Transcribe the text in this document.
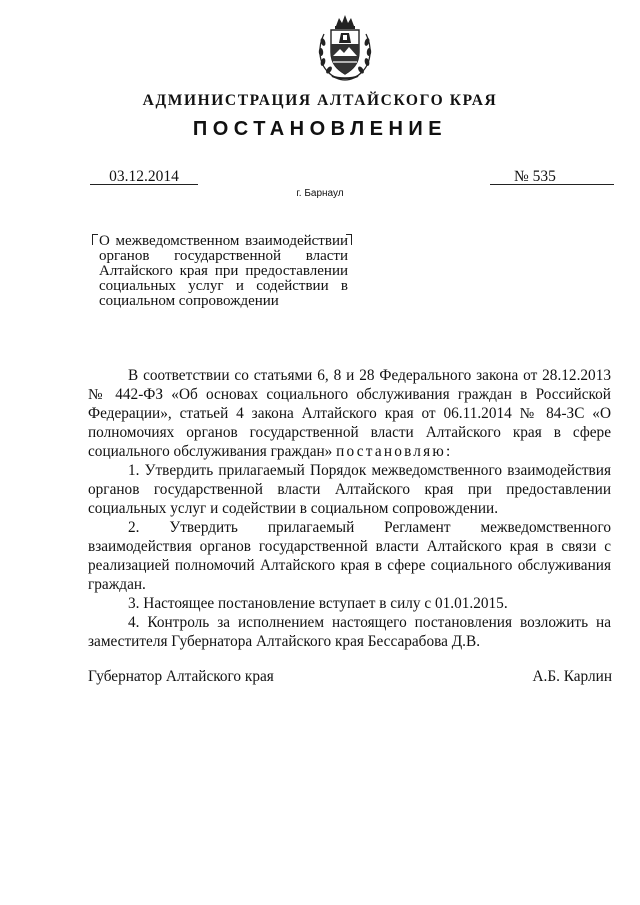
АДМИНИСТРАЦИЯ АЛТАЙСКОГО КРАЯ
ПОСТАНОВЛЕНИЕ
03.12.2014	№ 535
г. Барнаул
О межведомственном взаимодействии органов государственной власти Алтайского края при предоставлении социальных услуг и содействии в социальном сопровождении

В соответствии со статьями 6, 8 и 28 Федерального закона от 28.12.2013 № 442-ФЗ «Об основах социального обслуживания граждан в Российской Федерации», статьей 4 закона Алтайского края от 06.11.2014 № 84-ЗС «О полномочиях органов государственной власти Алтайского края в сфере социального обслуживания граждан» постановляю:

1. Утвердить прилагаемый Порядок межведомственного взаимодействия органов государственной власти Алтайского края при предоставлении социальных услуг и содействии в социальном сопровождении.

2. Утвердить прилагаемый Регламент межведомственного взаимодействия органов государственной власти Алтайского края в связи с реализацией полномочий Алтайского края в сфере социального обслуживания граждан.

3. Настоящее постановление вступает в силу с 01.01.2015.

4. Контроль за исполнением настоящего постановления возложить на заместителя Губернатора Алтайского края Бессарабова Д.В.

Губернатор Алтайского края	А.Б. Карлин
